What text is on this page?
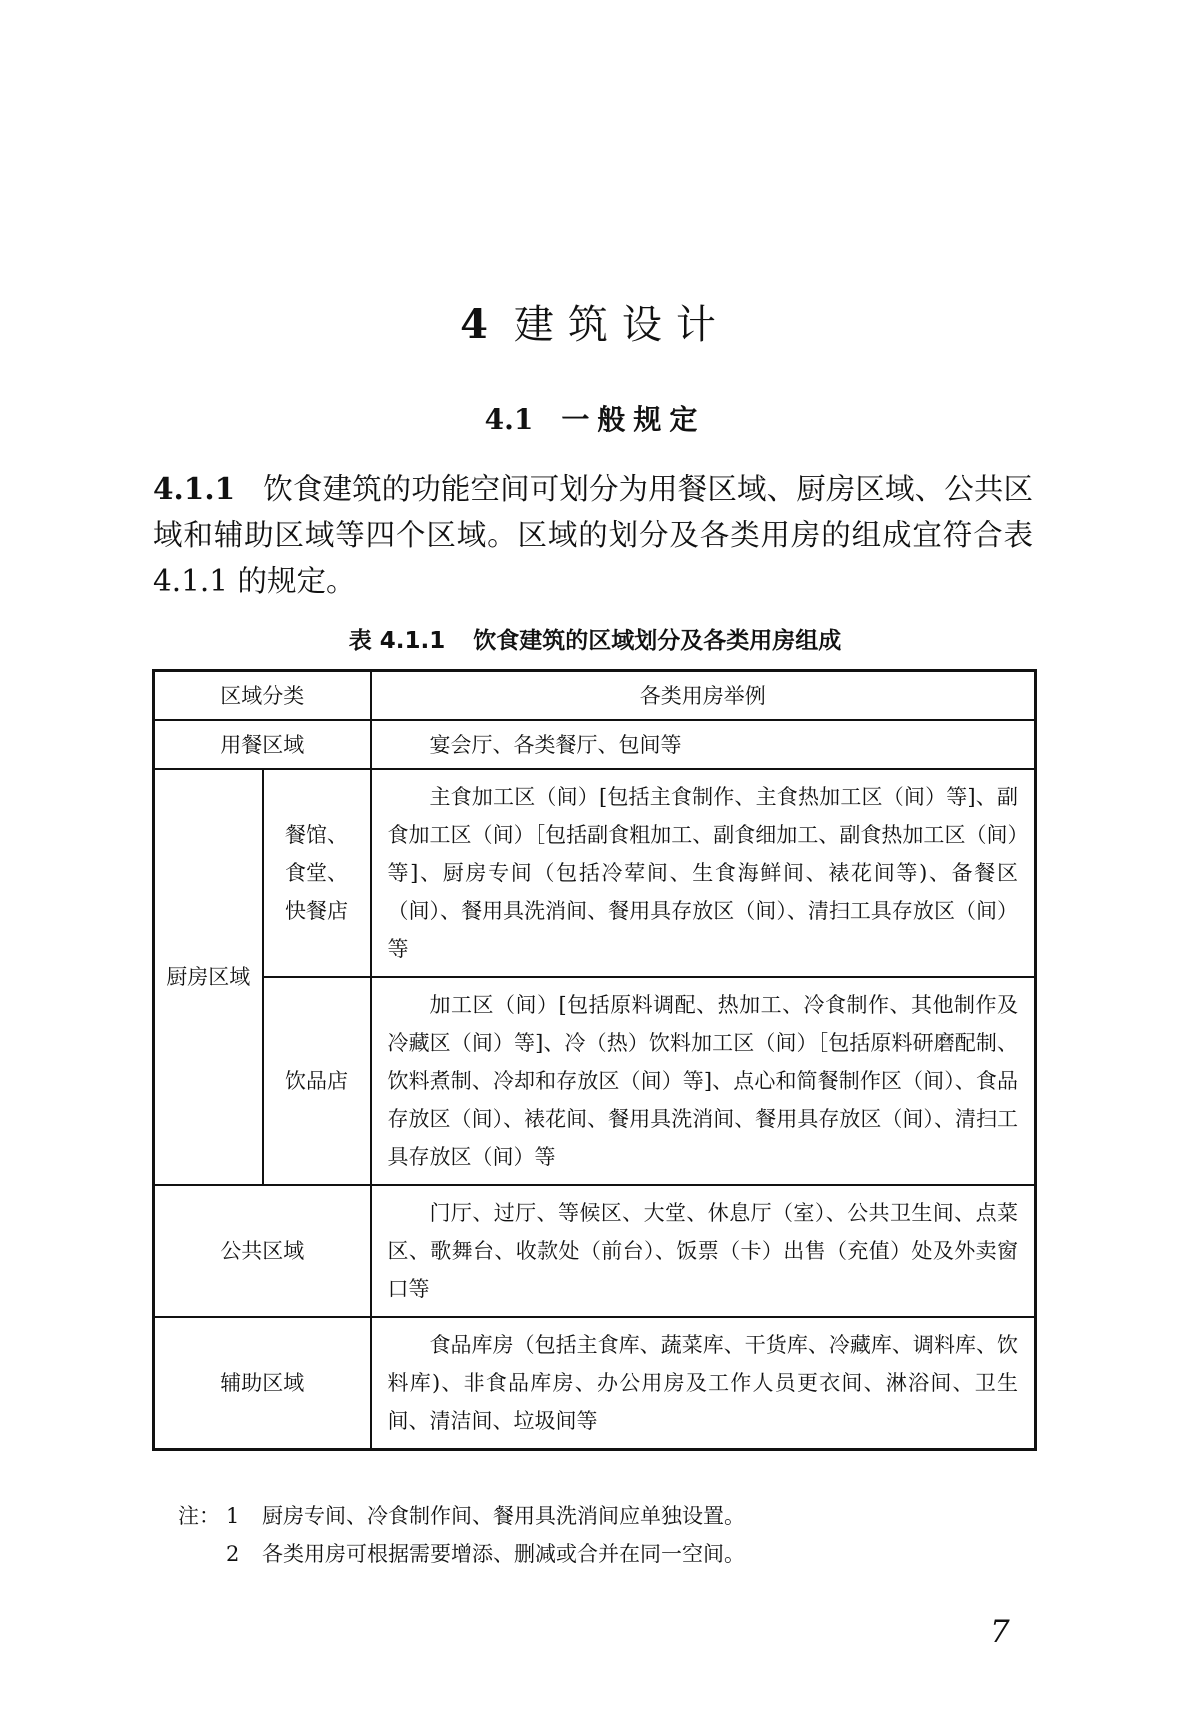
4 建筑设计
4.1 一般规定
4.1.1 饮食建筑的功能空间可划分为用餐区域、厨房区域、公共区域和辅助区域等四个区域。区域的划分及各类用房的组成宜符合表 4.1.1 的规定。
表 4.1.1 饮食建筑的区域划分及各类用房组成
区域分类		各类用房举例
用餐区域		宴会厅、各类餐厅、包间等
厨房区域	餐馆、
食堂、
快餐店	主食加工区（间）[包括主食制作、主食热加工区（间）等]、副食加工区（间）［包括副食粗加工、副食细加工、副食热加工区（间）等]、厨房专间（包括冷荤间、生食海鲜间、裱花间等)、备餐区（间）、餐用具洗消间、餐用具存放区（间）、清扫工具存放区（间）等
	饮品店	加工区（间）[包括原料调配、热加工、冷食制作、其他制作及冷藏区（间）等]、冷（热）饮料加工区（间）［包括原料研磨配制、饮料煮制、冷却和存放区（间）等]、点心和简餐制作区（间）、食品存放区（间）、裱花间、餐用具洗消间、餐用具存放区（间）、清扫工具存放区（间）等
公共区域		门厅、过厅、等候区、大堂、休息厅（室）、公共卫生间、点菜区、歌舞台、收款处（前台）、饭票（卡）出售（充值）处及外卖窗口等
辅助区域		食品库房（包括主食库、蔬菜库、干货库、冷藏库、调料库、饮料库)、非食品库房、办公用房及工作人员更衣间、淋浴间、卫生间、清洁间、垃圾间等
注： 1 厨房专间、冷食制作间、餐用具洗消间应单独设置。
2 各类用房可根据需要增添、删减或合并在同一空间。
7
